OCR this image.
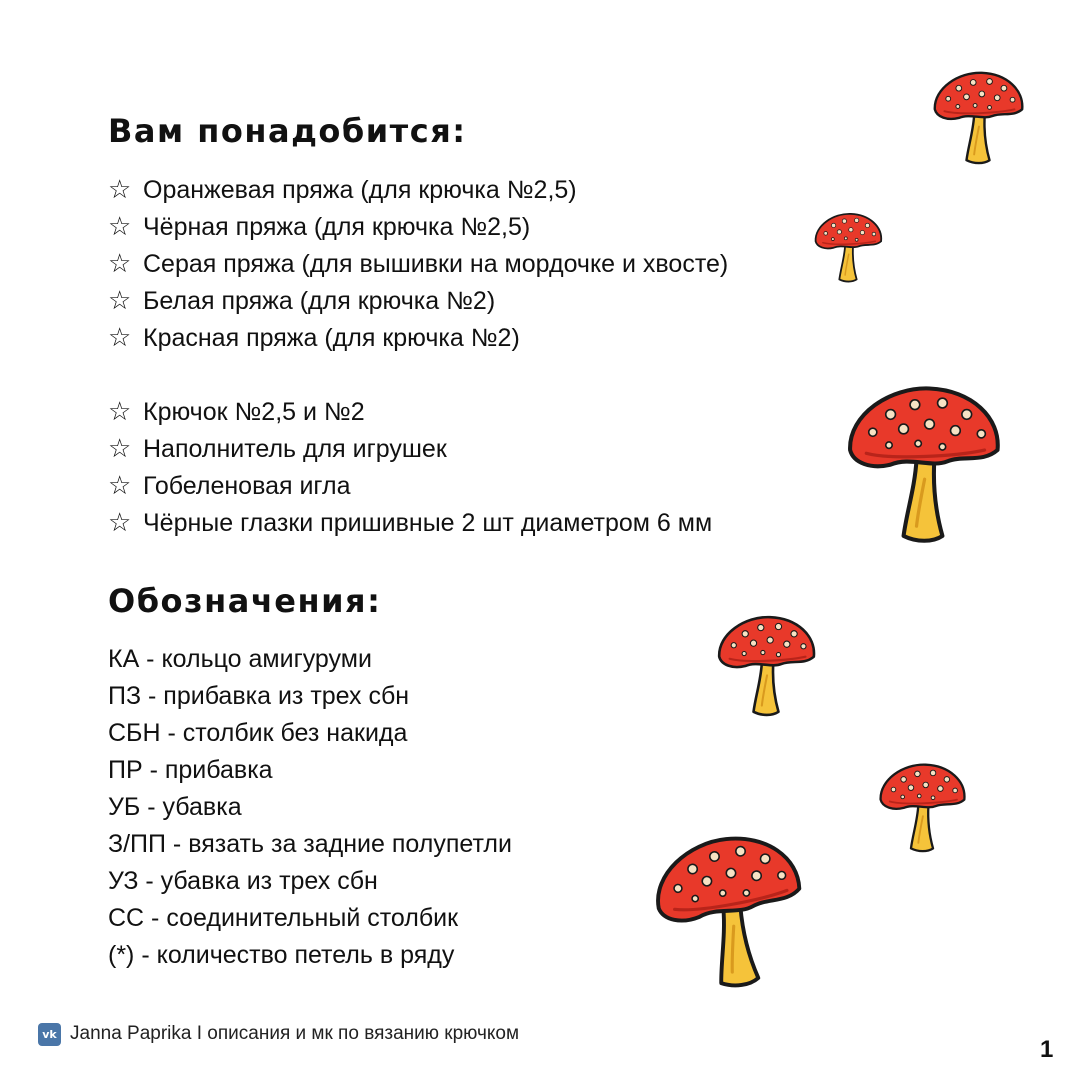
Вам понадобится:
☆ Оранжевая пряжа (для крючка №2,5)
☆ Чёрная пряжа (для крючка №2,5)
☆ Серая пряжа (для вышивки на мордочке и хвосте)
☆ Белая пряжа (для крючка №2)
☆ Красная пряжа (для крючка №2)
☆ Крючок №2,5 и №2
☆ Наполнитель для игрушек
☆ Гобеленовая игла
☆ Чёрные глазки пришивные 2 шт диаметром 6 мм
Обозначения:
КА - кольцо амигуруми
ПЗ - прибавка из трех сбн
СБН - столбик без накида
ПР - прибавка
УБ - убавка
З/ПП - вязать за задние полупетли
УЗ - убавка из трех сбн
СС - соединительный столбик
(*) - количество петель в ряду
vk Janna Paprika I описания и мк по вязанию крючком
1
